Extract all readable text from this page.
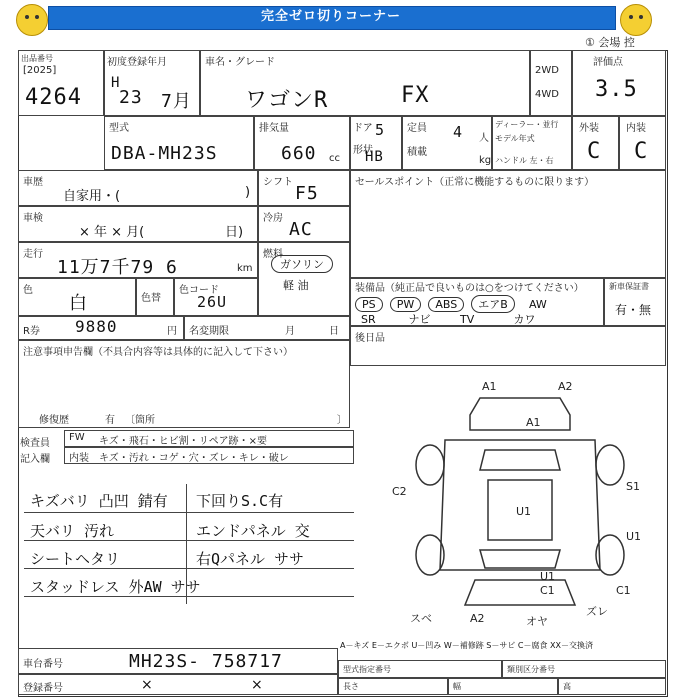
完全ゼロ切りコーナー
① 会場 控
出品番号
[2025]
4264
初度登録年月
H
23 7月
車名・グレード
ワゴンR	FX
2WD
4WD
評価点
3.5
型式
DBA-MH23S
排気量
660 cc
ドア 5
形状
HB
定員 4 人
積載
kg
ディーラー・並行
モデル年式
ハンドル 左・右
外装
C
内装
C
車歴
自家用・(	)
車検
× 年 × 月(	日)
走行
11万7千79 6	km
色
白	色替
色コード
26U
シフト
F5
冷房
AC
燃料
ガソリン
軽 油
セールスポイント（正常に機能するものに限ります）
装備品（純正品で良いものは○をつけてください）
PS PW ABS エアB AW
SR	ナビ	TV	カワ
新車保証書
有・無
後日品
R券 9880	円 名変期限	月	日
注意事項申告欄（不具合内容等は具体的に記入して下さい）
修復歴	有 〔箇所	〕
検査員
記入欄
FW キズ・飛石・ヒビ割・リペア跡・×要
内装 キズ・汚れ・コゲ・穴・ズレ・キレ・破レ
キズバリ 凸凹 錆有 下回りS.C有
天バリ 汚れ	エンドパネル 交
シートヘタリ	右Qパネル ササ
スタッドレス 外AW ササ
A1	A2
A1
C2	S1
U1
U1
U1
C1	C1
A2	オヤ
ズレ
スベ
A－キズ E－エクボ U－凹み W－補修跡 S－サビ C－腐食 XX－交換済
車台番号	MH23S- 758717
登録番号	×	×
型式指定番号	類別区分番号
長さ	幅	高
